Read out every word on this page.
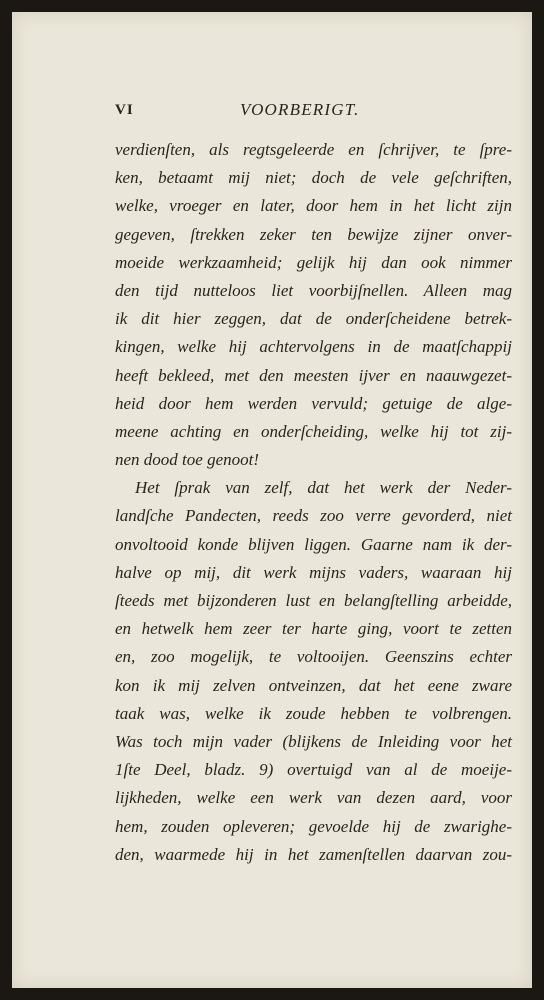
VI	VOORBERIGT.
verdienſten, als regtsgeleerde en ſchrijver, te ſpre-
ken, betaamt mij niet; doch de vele geſchriften,
welke, vroeger en later, door hem in het licht zijn
gegeven, ſtrekken zeker ten bewijze zijner onver-
moeide werkzaamheid; gelijk hij dan ook nimmer
den tijd nutteloos liet voorbijſnellen. Alleen mag
ik dit hier zeggen, dat de onderſcheidene betrek-
kingen, welke hij achtervolgens in de maatſchappij
heeft bekleed, met den meesten ijver en naauwgezet-
heid door hem werden vervuld; getuige de alge-
meene achting en onderſcheiding, welke hij tot zij-
nen dood toe genoot!
Het ſprak van zelf, dat het werk der Neder-
landſche Pandecten, reeds zoo verre gevorderd, niet
onvoltooid konde blijven liggen. Gaarne nam ik der-
halve op mij, dit werk mijns vaders, waaraan hij
ſteeds met bijzonderen lust en belangſtelling arbeidde,
en hetwelk hem zeer ter harte ging, voort te zetten
en, zoo mogelijk, te voltooijen. Geenszins echter
kon ik mij zelven ontveinzen, dat het eene zware
taak was, welke ik zoude hebben te volbrengen.
Was toch mijn vader (blijkens de Inleiding voor het
1ſte Deel, bladz. 9) overtuigd van al de moeije-
lijkheden, welke een werk van dezen aard, voor
hem, zouden opleveren; gevoelde hij de zwarighe-
den, waarmede hij in het zamenſtellen daarvan zou-
